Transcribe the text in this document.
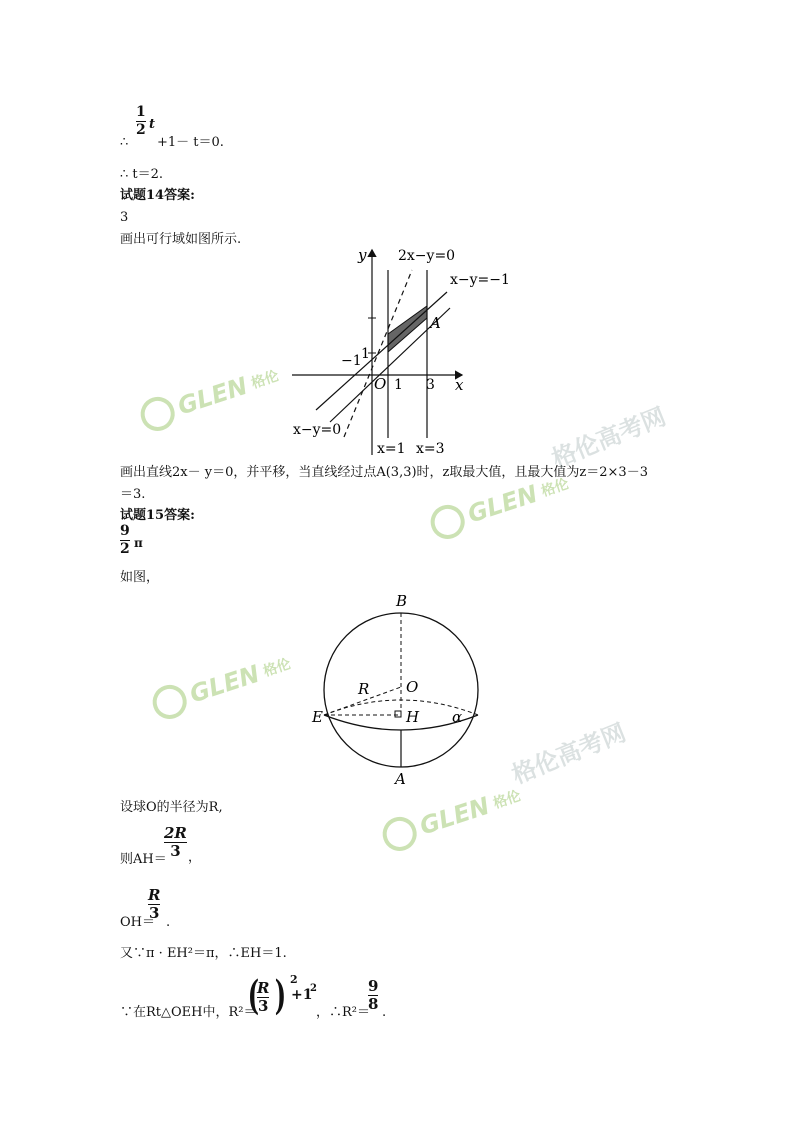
1
2 t
∴ +1－ t＝0.
∴ t＝2.
试题14答案:
3
画出可行域如图所示.
y
x
2x−y=0
x−y=−1
x−y=0
x=1 x=3
A
O
−1
1
1
3
画出直线2x－ y＝0，并平移，当直线经过点A(3,3)时，z取最大值，且最大值为z＝2×3－3
＝3.
试题15答案:
9
2 π
如图，
B
A
R O
E	H α
设球O的半径为R,
则AH＝
2R
3 ，
R
3
OH＝ .
又∵π · EH²＝π，∴EH＝1.
∵在Rt△OEH中，R²＝
(
R
3 ) 2
+1
2
，∴R²＝
9
8 .
GLEN 格伦
GLEN 格伦
GLEN 格伦
GLEN 格伦
格伦高考网
格伦高考网
